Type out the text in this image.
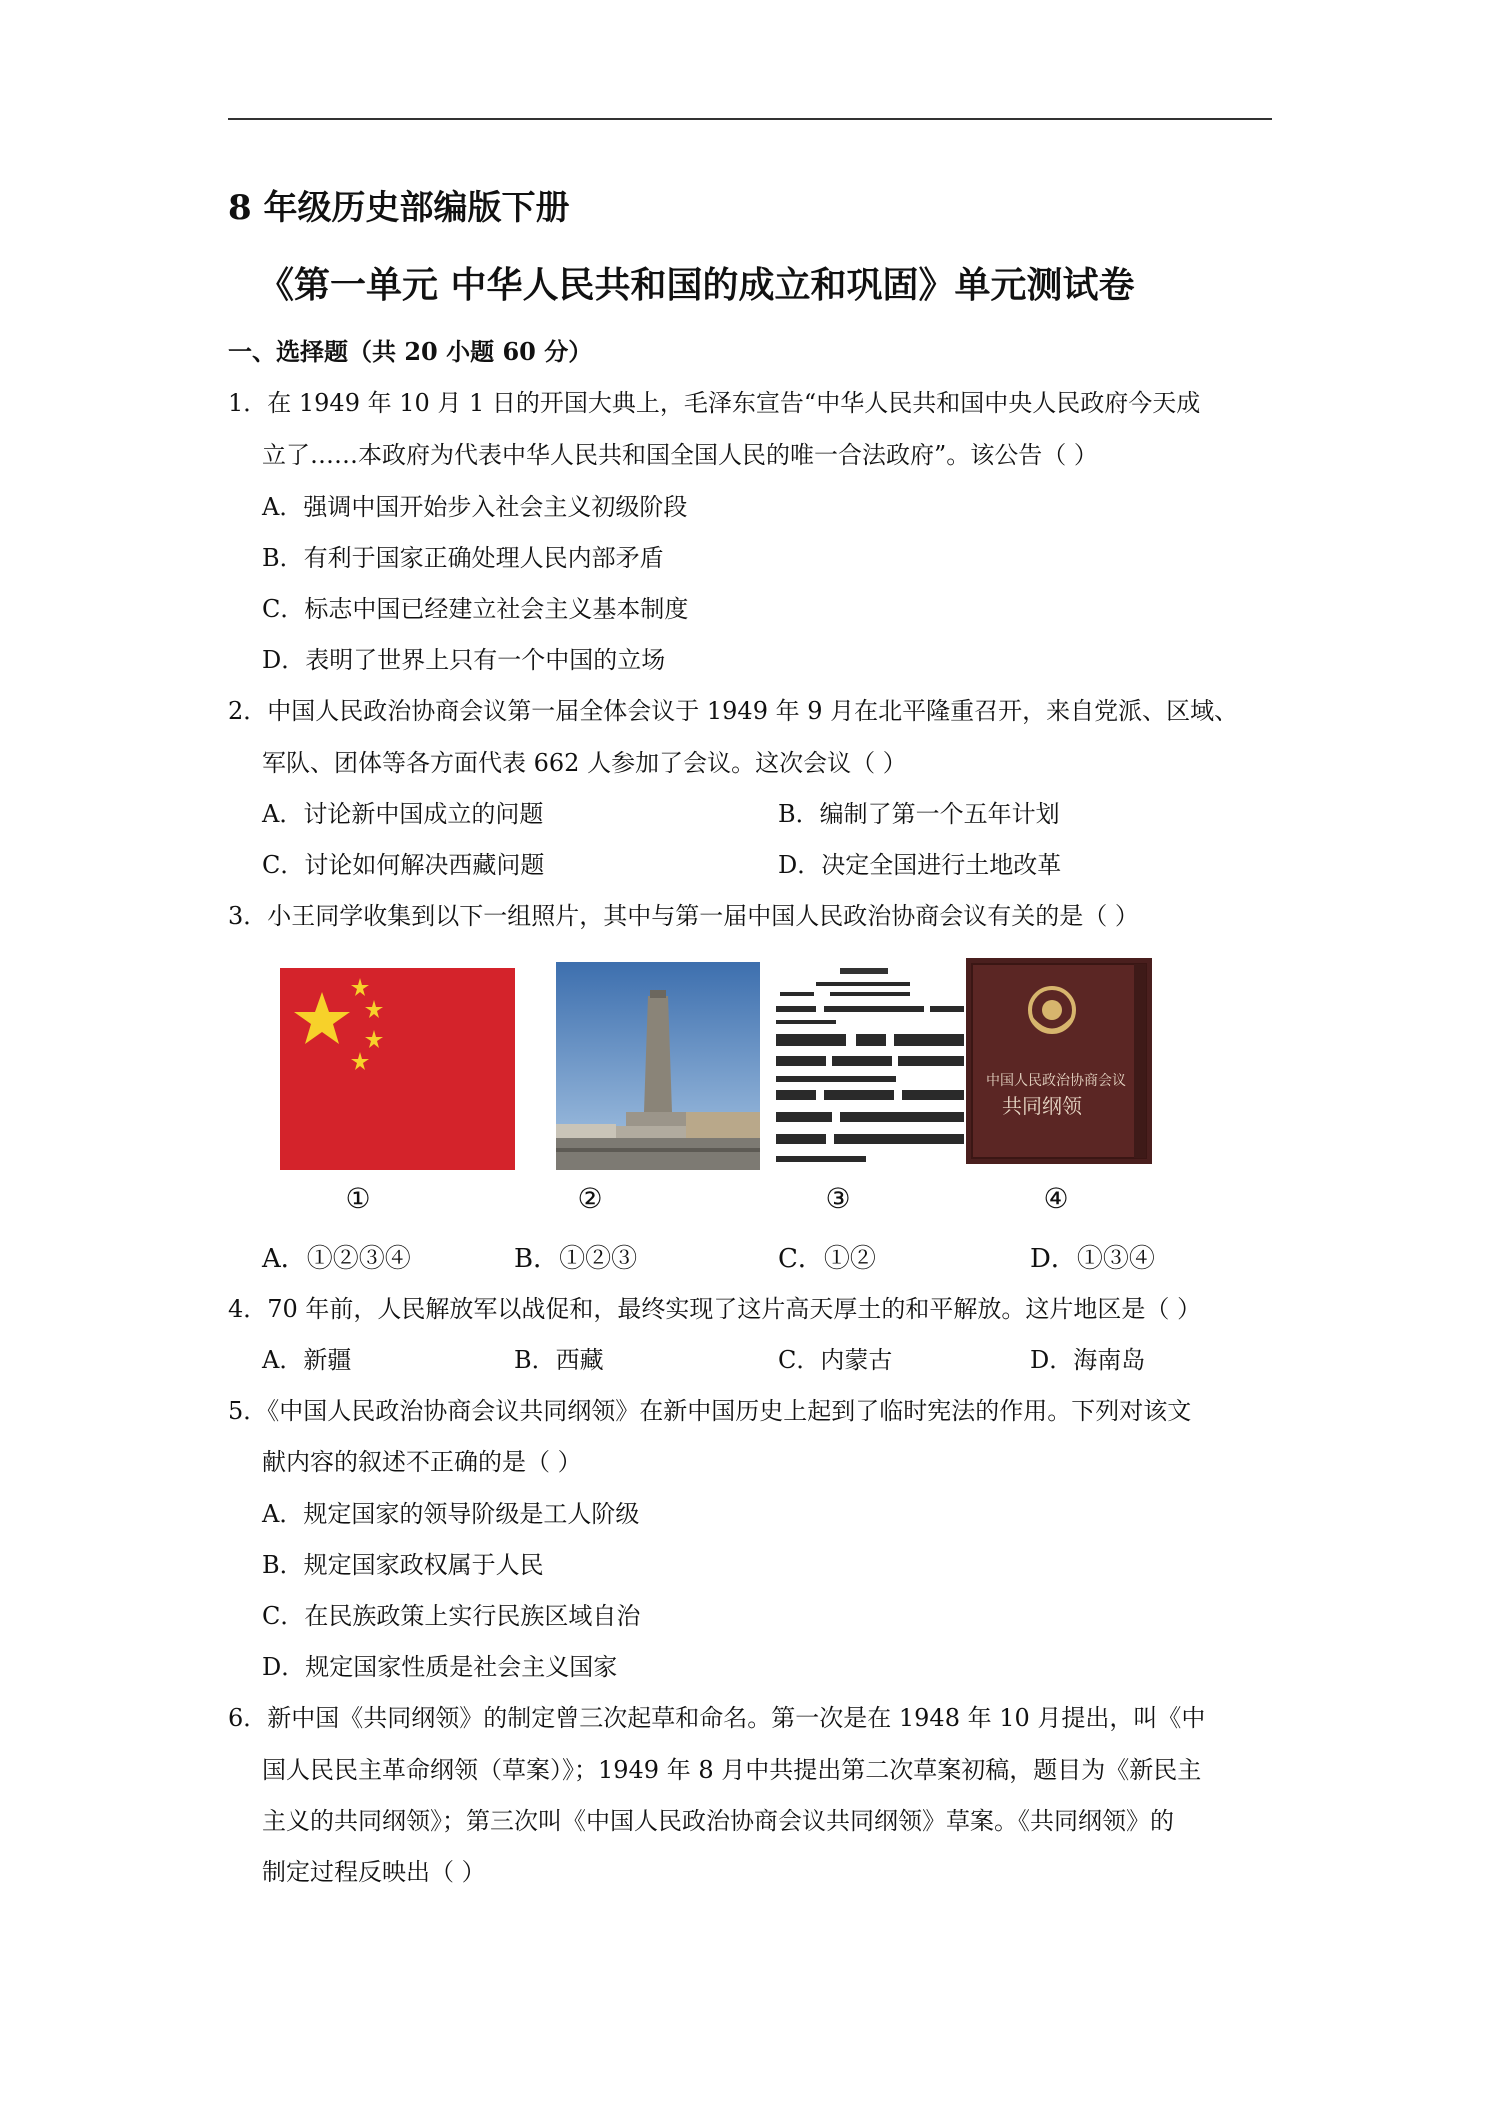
8 年级历史部编版下册
《第一单元 中华人民共和国的成立和巩固》单元测试卷
一、选择题（共 20 小题 60 分）
1．在 1949 年 10 月 1 日的开国大典上，毛泽东宣告“中华人民共和国中央人民政府今天成
立了……本政府为代表中华人民共和国全国人民的唯一合法政府”。该公告（ ）
A．强调中国开始步入社会主义初级阶段
B．有利于国家正确处理人民内部矛盾
C．标志中国已经建立社会主义基本制度
D．表明了世界上只有一个中国的立场
2．中国人民政治协商会议第一届全体会议于 1949 年 9 月在北平隆重召开，来自党派、区域、
军队、团体等各方面代表 662 人参加了会议。这次会议（ ）
A．讨论新中国成立的问题	B．编制了第一个五年计划
C．讨论如何解决西藏问题	D．决定全国进行土地改革
3．小王同学收集到以下一组照片，其中与第一届中国人民政治协商会议有关的是（ ）
中国人民政治协商会议
共同纲领
①	②	③	④
A．①②③④	B．①②③	C．①②	D．①③④
4．70 年前，人民解放军以战促和，最终实现了这片高天厚土的和平解放。这片地区是（ ）
A．新疆	B．西藏	C．内蒙古	D．海南岛
5．《中国人民政治协商会议共同纲领》在新中国历史上起到了临时宪法的作用。下列对该文
献内容的叙述不正确的是（ ）
A．规定国家的领导阶级是工人阶级
B．规定国家政权属于人民
C．在民族政策上实行民族区域自治
D．规定国家性质是社会主义国家
6．新中国《共同纲领》的制定曾三次起草和命名。第一次是在 1948 年 10 月提出，叫《中
国人民民主革命纲领（草案）》；1949 年 8 月中共提出第二次草案初稿，题目为《新民主
主义的共同纲领》；第三次叫《中国人民政治协商会议共同纲领》草案。《共同纲领》的
制定过程反映出（ ）
